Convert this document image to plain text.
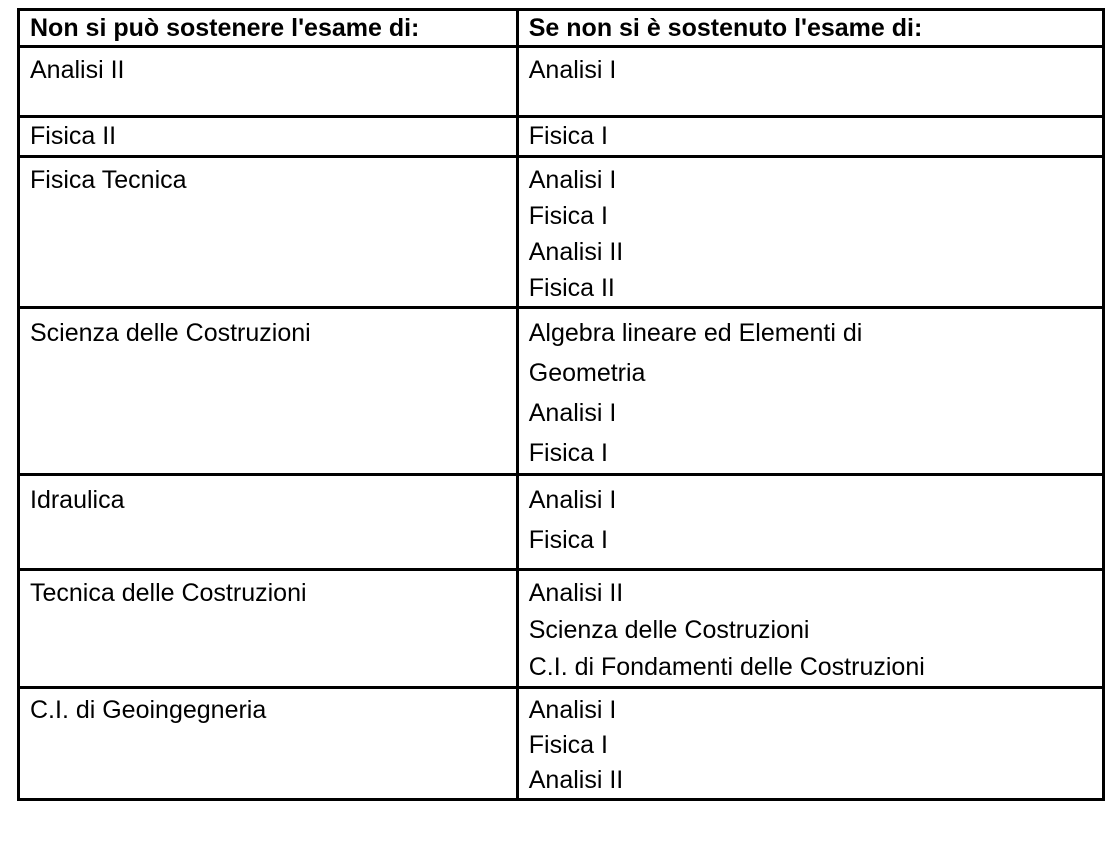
Non si può sostenere l'esame di:	Se non si è sostenuto l'esame di:

Analisi II	Analisi I

Fisica II	Fisica I

Fisica Tecnica	Analisi I
Fisica I
Analisi II
Fisica II

Scienza delle Costruzioni	Algebra lineare ed Elementi di
Geometria
Analisi I
Fisica I

Idraulica	Analisi I
Fisica I

Tecnica delle Costruzioni	Analisi II
Scienza delle Costruzioni
C.I. di Fondamenti delle Costruzioni

C.I. di Geoingegneria	Analisi I
Fisica I
Analisi II
